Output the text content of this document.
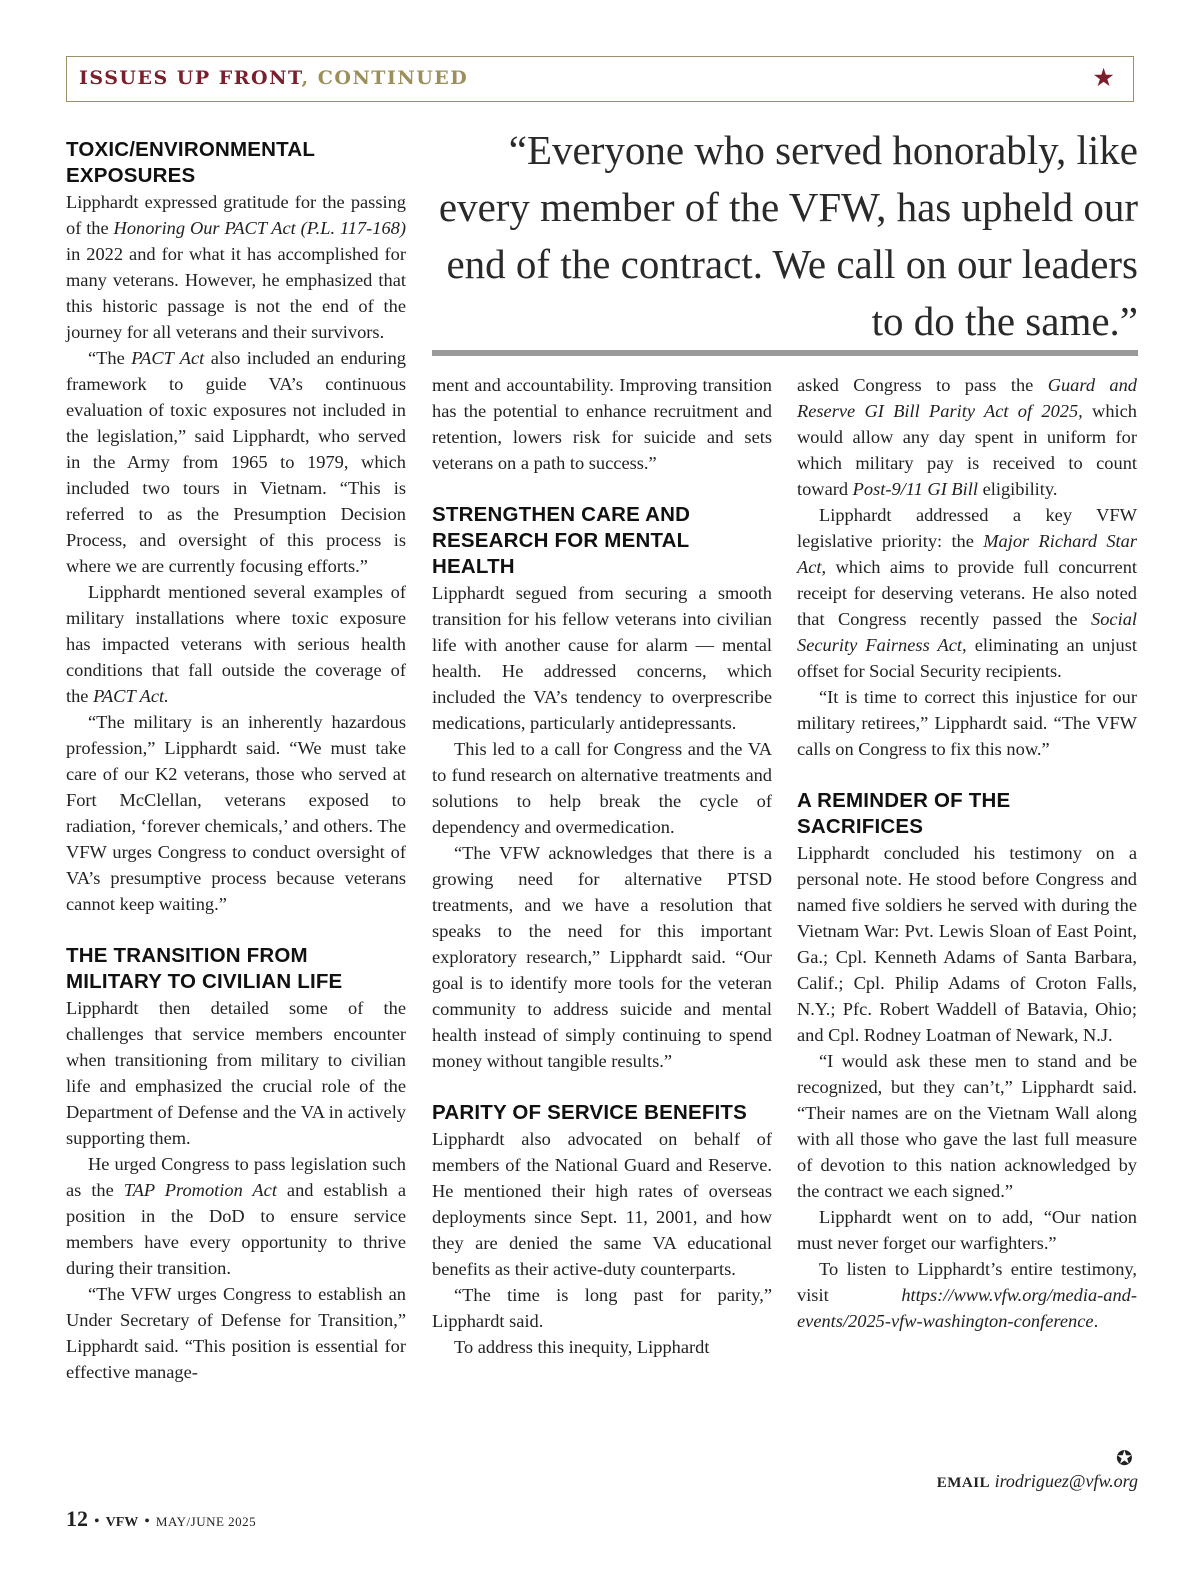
ISSUES UP FRONT, CONTINUED	★
“Everyone who served honorably, like every member of the VFW, has upheld our end of the contract. We call on our leaders to do the same.”
TOXIC/ENVIRONMENTAL EXPOSURES

Lipphardt expressed gratitude for the passing of the Honoring Our PACT Act (P.L. 117-168) in 2022 and for what it has accomplished for many veterans. However, he emphasized that this historic passage is not the end of the journey for all veterans and their survivors.

“The PACT Act also included an enduring framework to guide VA’s continuous evaluation of toxic exposures not included in the legislation,” said Lipphardt, who served in the Army from 1965 to 1979, which included two tours in Vietnam. “This is referred to as the Presumption Decision Process, and oversight of this process is where we are currently focusing efforts.”

Lipphardt mentioned several examples of military installations where toxic exposure has impacted veterans with serious health conditions that fall outside the coverage of the PACT Act.

“The military is an inherently hazardous profession,” Lipphardt said. “We must take care of our K2 veterans, those who served at Fort McClellan, veterans exposed to radiation, ‘forever chemicals,’ and others. The VFW urges Congress to conduct oversight of VA’s presumptive process because veterans cannot keep waiting.”

THE TRANSITION FROM MILITARY TO CIVILIAN LIFE

Lipphardt then detailed some of the challenges that service members encounter when transitioning from military to civilian life and emphasized the crucial role of the Department of Defense and the VA in actively supporting them.

He urged Congress to pass legislation such as the TAP Promotion Act and establish a position in the DoD to ensure service members have every opportunity to thrive during their transition.

“The VFW urges Congress to establish an Under Secretary of Defense for Transition,” Lipphardt said. “This position is essential for effective manage-

ment and accountability. Improving transition has the potential to enhance recruitment and retention, lowers risk for suicide and sets veterans on a path to success.”

STRENGTHEN CARE AND RESEARCH FOR MENTAL HEALTH

Lipphardt segued from securing a smooth transition for his fellow veterans into civilian life with another cause for alarm — mental health. He addressed concerns, which included the VA’s tendency to overprescribe medications, particularly antidepressants.

This led to a call for Congress and the VA to fund research on alternative treatments and solutions to help break the cycle of dependency and overmedication.

“The VFW acknowledges that there is a growing need for alternative PTSD treatments, and we have a resolution that speaks to the need for this important exploratory research,” Lipphardt said. “Our goal is to identify more tools for the veteran community to address suicide and mental health instead of simply continuing to spend money without tangible results.”

PARITY OF SERVICE BENEFITS

Lipphardt also advocated on behalf of members of the National Guard and Reserve. He mentioned their high rates of overseas deployments since Sept. 11, 2001, and how they are denied the same VA educational benefits as their active-duty counterparts.

“The time is long past for parity,” Lipphardt said.

To address this inequity, Lipphardt

asked Congress to pass the Guard and Reserve GI Bill Parity Act of 2025, which would allow any day spent in uniform for which military pay is received to count toward Post-9/11 GI Bill eligibility.

Lipphardt addressed a key VFW legislative priority: the Major Richard Star Act, which aims to provide full concurrent receipt for deserving veterans. He also noted that Congress recently passed the Social Security Fairness Act, eliminating an unjust offset for Social Security recipients.

“It is time to correct this injustice for our military retirees,” Lipphardt said. “The VFW calls on Congress to fix this now.”

A REMINDER OF THE SACRIFICES

Lipphardt concluded his testimony on a personal note. He stood before Congress and named five soldiers he served with during the Vietnam War: Pvt. Lewis Sloan of East Point, Ga.; Cpl. Kenneth Adams of Santa Barbara, Calif.; Cpl. Philip Adams of Croton Falls, N.Y.; Pfc. Robert Waddell of Batavia, Ohio; and Cpl. Rodney Loatman of Newark, N.J.

“I would ask these men to stand and be recognized, but they can’t,” Lipphardt said. “Their names are on the Vietnam Wall along with all those who gave the last full measure of devotion to this nation acknowledged by the contract we each signed.”

Lipphardt went on to add, “Our nation must never forget our warfighters.”

To listen to Lipphardt’s entire testimony, visit https://www.vfw.org/media-and-events/2025-vfw-washington-conference.

✪
EMAIL irodriguez@vfw.org
12 • VFW • MAY/JUNE 2025
